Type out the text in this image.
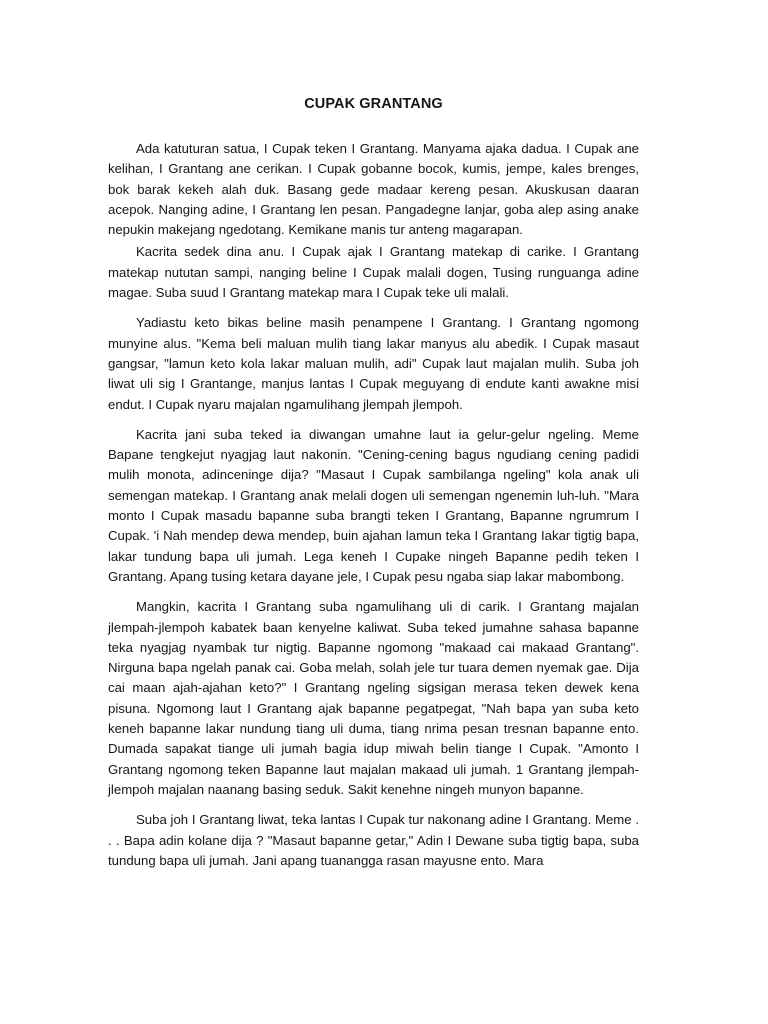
CUPAK GRANTANG

Ada katuturan satua, I Cupak teken I Grantang. Manyama ajaka dadua. I Cupak ane kelihan, I Grantang ane cerikan. I Cupak gobanne bocok, kumis, jempe, kales brenges, bok barak kekeh alah duk. Basang gede madaar kereng pesan. Akuskusan daaran acepok. Nanging adine, I Grantang len pesan. Pangadegne lanjar, goba alep asing anake nepukin makejang ngedotang. Kemikane manis tur anteng magarapan.

Kacrita sedek dina anu. I Cupak ajak I Grantang matekap di carike. I Grantang matekap nututan sampi, nanging beline I Cupak malali dogen, Tusing runguanga adine magae. Suba suud I Grantang matekap mara I Cupak teke uli malali.

Yadiastu keto bikas beline masih penampene I Grantang. I Grantang ngomong munyine alus. "Kema beli maluan mulih tiang lakar manyus alu abedik. I Cupak masaut gangsar, "lamun keto kola lakar maluan mulih, adi" Cupak laut majalan mulih. Suba joh liwat uli sig I Grantange, manjus lantas I Cupak meguyang di endute kanti awakne misi endut. I Cupak nyaru majalan ngamulihang jlempah jlempoh.

Kacrita jani suba teked ia diwangan umahne laut ia gelur-gelur ngeling. Meme Bapane tengkejut nyagjag laut nakonin. "Cening-cening bagus ngudiang cening padidi mulih monota, adinceninge dija? "Masaut I Cupak sambilanga ngeling" kola anak uli semengan matekap. I Grantang anak melali dogen uli semengan ngenemin luh-luh. "Mara monto I Cupak masadu bapanne suba brangti teken I Grantang, Bapanne ngrumrum I Cupak. 'i Nah mendep dewa mendep, buin ajahan lamun teka I Grantang Iakar tigtig bapa, lakar tundung bapa uli jumah. Lega keneh I Cupake ningeh Bapanne pedih teken I Grantang. Apang tusing ketara dayane jele, I Cupak pesu ngaba siap lakar mabombong.

Mangkin, kacrita I Grantang suba ngamulihang uli di carik. I Grantang majalan jlempah-jlempoh kabatek baan kenyelne kaliwat. Suba teked jumahne sahasa bapanne teka nyagjag nyambak tur nigtig. Bapanne ngomong "makaad cai makaad Grantang". Nirguna bapa ngelah panak cai. Goba melah, solah jele tur tuara demen nyemak gae. Dija cai maan ajah-ajahan keto?" I Grantang ngeling sigsigan merasa teken dewek kena pisuna. Ngomong laut I Grantang ajak bapanne pegatpegat, "Nah bapa yan suba keto keneh bapanne lakar nundung tiang uli duma, tiang nrima pesan tresnan bapanne ento. Dumada sapakat tiange uli jumah bagia idup miwah belin tiange I Cupak. "Amonto I Grantang ngomong teken Bapanne laut majalan makaad uli jumah. 1 Grantang jlempah-jlempoh majalan naanang basing seduk. Sakit kenehne ningeh munyon bapanne.

Suba joh I Grantang liwat, teka lantas I Cupak tur nakonang adine I Grantang. Meme . . . Bapa adin kolane dija ? "Masaut bapanne getar," Adin I Dewane suba tigtig bapa, suba tundung bapa uli jumah. Jani apang tuanangga rasan mayusne ento. Mara
